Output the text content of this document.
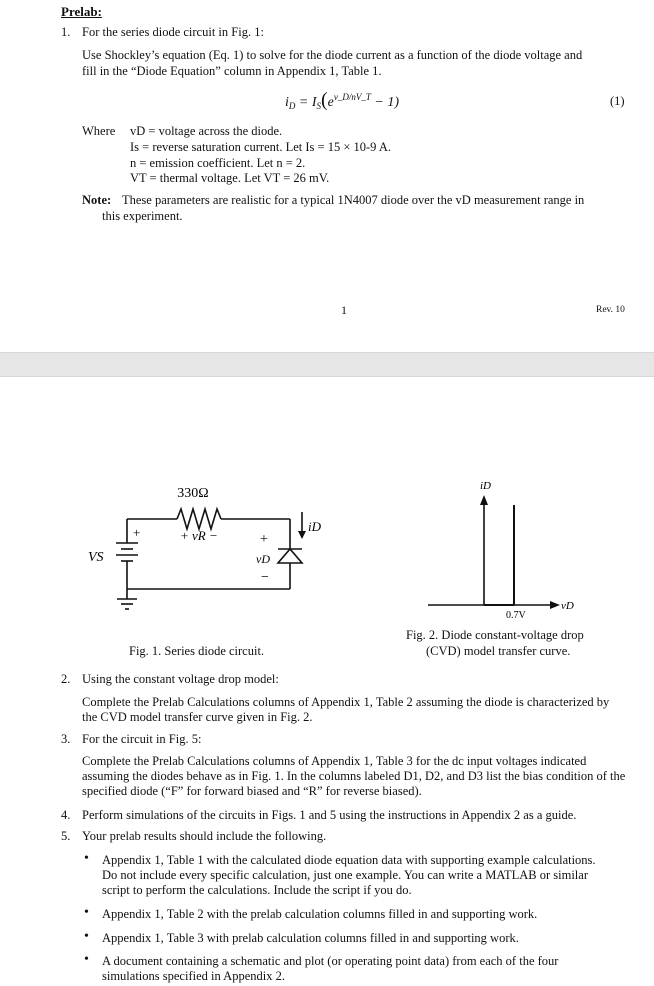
Prelab:
1. For the series diode circuit in Fig. 1:
Use Shockley’s equation (Eq. 1) to solve for the diode current as a function of the diode voltage and
fill in the “Diode Equation” column in Appendix 1, Table 1.
$i_D = I_S(e^{v\_D/nV\_T} - 1)$	(1)
Where vD = voltage across the diode.
Is = reverse saturation current. Let Is = 15 × 10-9 A.
n = emission coefficient. Let n = 2.
VT = thermal voltage. Let VT = 26 mV.
Note: These parameters are realistic for a typical 1N4007 diode over the vD measurement range in
this experiment.
1	Rev. 10
330Ω
+ vR −	+
vD
−
VS
+	iD
Fig. 1. Series diode circuit.
iD
vD
0.7V
Fig. 2. Diode constant-voltage drop
(CVD) model transfer curve.
2. Using the constant voltage drop model:
Complete the Prelab Calculations columns of Appendix 1, Table 2 assuming the diode is characterized by the CVD model transfer curve given in Fig. 2.
3. For the circuit in Fig. 5:
Complete the Prelab Calculations columns of Appendix 1, Table 3 for the dc input voltages indicated assuming the diodes behave as in Fig. 1. In the columns labeled D1, D2, and D3 list the bias condition of the specified diode (“F” for forward biased and “R” for reverse biased).
4. Perform simulations of the circuits in Figs. 1 and 5 using the instructions in Appendix 2 as a guide.
5. Your prelab results should include the following.
• Appendix 1, Table 1 with the calculated diode equation data with supporting example calculations. Do not include every specific calculation, just one example. You can write a MATLAB or similar script to perform the calculations. Include the script if you do.
• Appendix 1, Table 2 with the prelab calculation columns filled in and supporting work.
• Appendix 1, Table 3 with prelab calculation columns filled in and supporting work.
• A document containing a schematic and plot (or operating point data) from each of the four simulations specified in Appendix 2.
